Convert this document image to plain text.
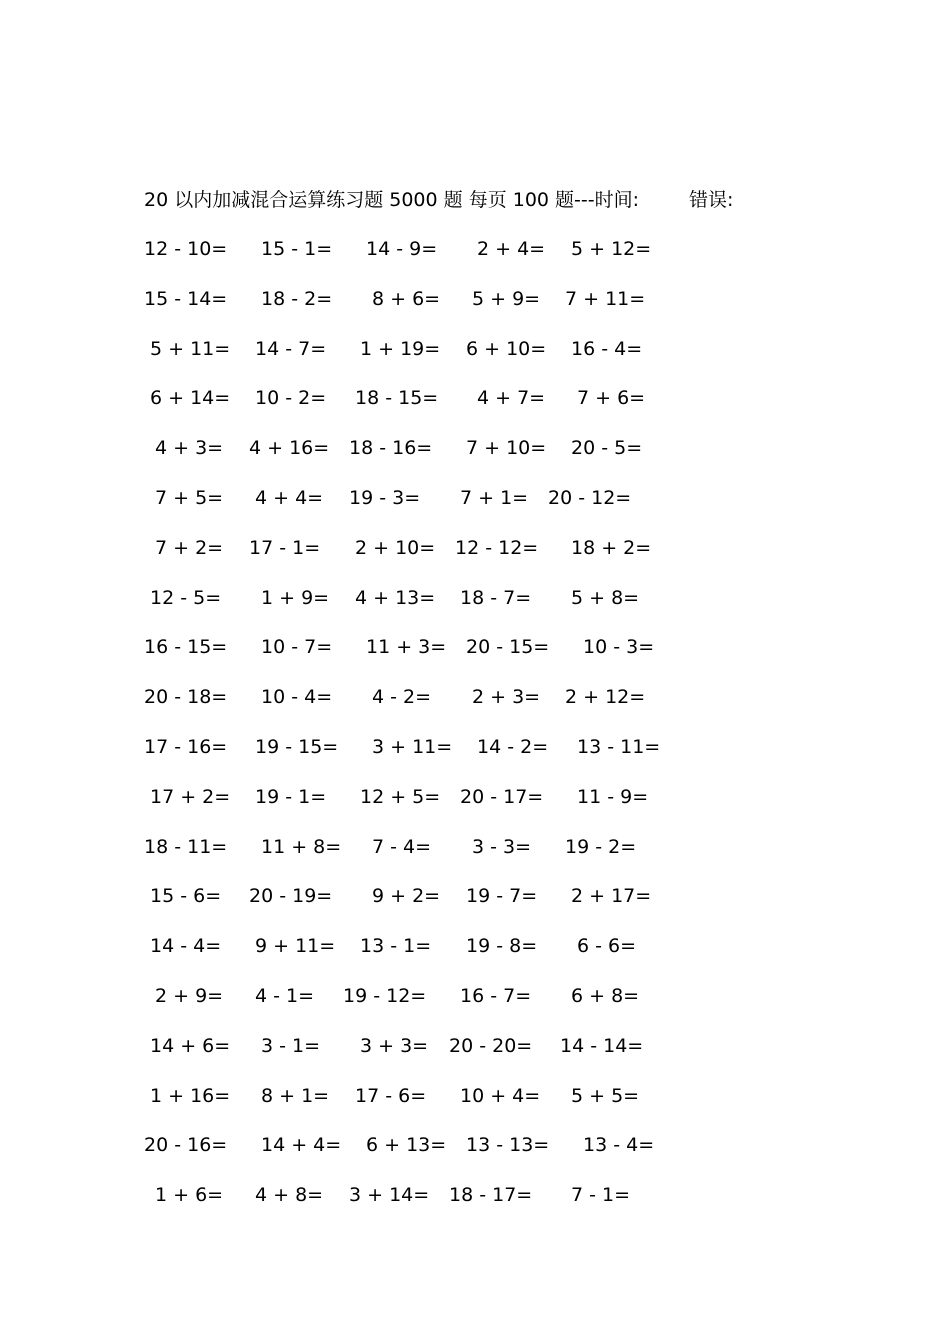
20 以内加减混合运算练习题 5000 题 每页 100 题---时间:	错误:
12 - 10= 15 - 1= 14 - 9= 2 + 4= 5 + 12=
15 - 14= 18 - 2= 8 + 6= 5 + 9= 7 + 11=
5 + 11= 14 - 7= 1 + 19= 6 + 10= 16 - 4=
6 + 14= 10 - 2= 18 - 15= 4 + 7= 7 + 6=
4 + 3= 4 + 16= 18 - 16= 7 + 10= 20 - 5=
7 + 5= 4 + 4= 19 - 3= 7 + 1= 20 - 12=
7 + 2= 17 - 1= 2 + 10= 12 - 12= 18 + 2=
12 - 5= 1 + 9= 4 + 13= 18 - 7= 5 + 8=
16 - 15= 10 - 7= 11 + 3= 20 - 15= 10 - 3=
20 - 18= 10 - 4= 4 - 2= 2 + 3= 2 + 12=
17 - 16= 19 - 15= 3 + 11= 14 - 2= 13 - 11=
17 + 2= 19 - 1= 12 + 5= 20 - 17= 11 - 9=
18 - 11= 11 + 8= 7 - 4= 3 - 3= 19 - 2=
15 - 6= 20 - 19= 9 + 2= 19 - 7= 2 + 17=
14 - 4= 9 + 11= 13 - 1= 19 - 8= 6 - 6=
2 + 9= 4 - 1= 19 - 12= 16 - 7= 6 + 8=
14 + 6= 3 - 1= 3 + 3= 20 - 20= 14 - 14=
1 + 16= 8 + 1= 17 - 6= 10 + 4= 5 + 5=
20 - 16= 14 + 4= 6 + 13= 13 - 13= 13 - 4=
1 + 6= 4 + 8= 3 + 14= 18 - 17= 7 - 1=
